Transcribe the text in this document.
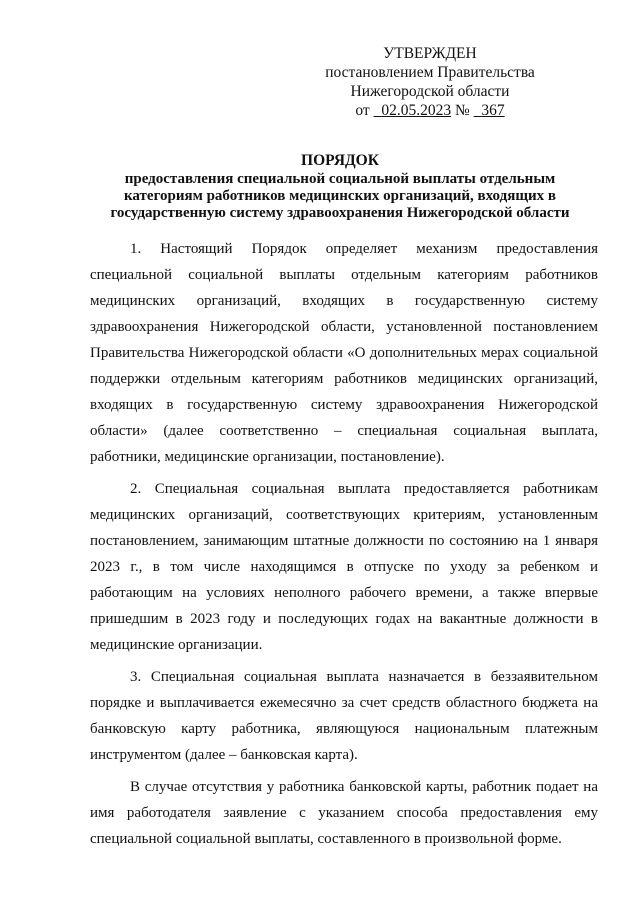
УТВЕРЖДЕН
постановлением Правительства
Нижегородской области
от 02.05.2023 № 367
ПОРЯДОК
предоставления специальной социальной выплаты отдельным
категориям работников медицинских организаций, входящих в
государственную систему здравоохранения Нижегородской области

1. Настоящий Порядок определяет механизм предоставления специальной социальной выплаты отдельным категориям работников медицинских организаций, входящих в государственную систему здравоохранения Нижегородской области, установленной постановлением Правительства Нижегородской области «О дополнительных мерах социальной поддержки отдельным категориям работников медицинских организаций, входящих в государственную систему здравоохранения Нижегородской области» (далее соответственно – специальная социальная выплата, работники, медицинские организации, постановление).

2. Специальная социальная выплата предоставляется работникам медицинских организаций, соответствующих критериям, установленным постановлением, занимающим штатные должности по состоянию на 1 января 2023 г., в том числе находящимся в отпуске по уходу за ребенком и работающим на условиях неполного рабочего времени, а также впервые пришедшим в 2023 году и последующих годах на вакантные должности в медицинские организации.

3. Специальная социальная выплата назначается в беззаявительном порядке и выплачивается ежемесячно за счет средств областного бюджета на банковскую карту работника, являющуюся национальным платежным инструментом (далее – банковская карта).

В случае отсутствия у работника банковской карты, работник подает на имя работодателя заявление с указанием способа предоставления ему специальной социальной выплаты, составленного в произвольной форме.
